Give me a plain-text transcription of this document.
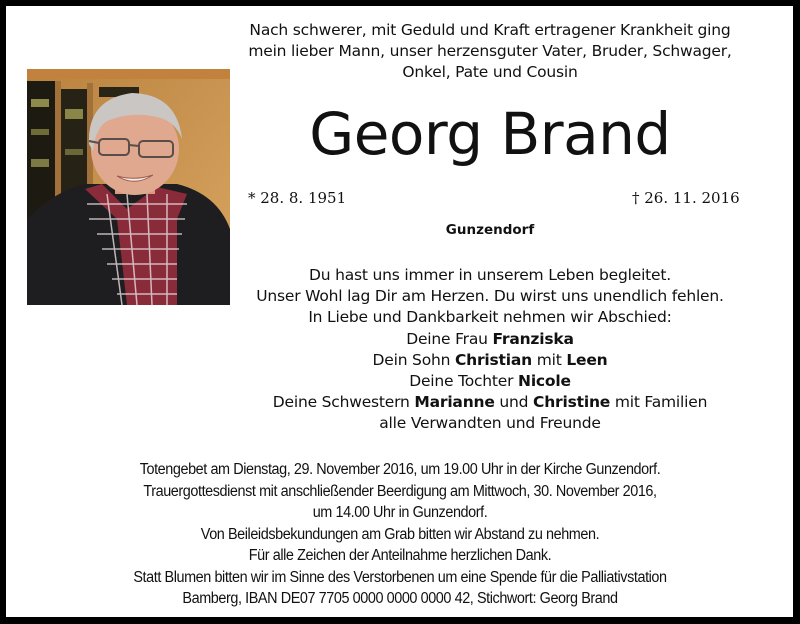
Nach schwerer, mit Geduld und Kraft ertragener Krankheit ging
mein lieber Mann, unser herzensguter Vater, Bruder, Schwager,
Onkel, Pate und Cousin
Georg Brand
* 28. 8. 1951	† 26. 11. 2016
Gunzendorf
Du hast uns immer in unserem Leben begleitet.
Unser Wohl lag Dir am Herzen. Du wirst uns unendlich fehlen.
In Liebe und Dankbarkeit nehmen wir Abschied:
Deine Frau Franziska
Dein Sohn Christian mit Leen
Deine Tochter Nicole
Deine Schwestern Marianne und Christine mit Familien
alle Verwandten und Freunde
Totengebet am Dienstag, 29. November 2016, um 19.00 Uhr in der Kirche Gunzendorf.
Trauergottesdienst mit anschließender Beerdigung am Mittwoch, 30. November 2016,
um 14.00 Uhr in Gunzendorf.
Von Beileidsbekundungen am Grab bitten wir Abstand zu nehmen.
Für alle Zeichen der Anteilnahme herzlichen Dank.
Statt Blumen bitten wir im Sinne des Verstorbenen um eine Spende für die Palliativstation
Bamberg, IBAN DE07 7705 0000 0000 0000 42, Stichwort: Georg Brand
